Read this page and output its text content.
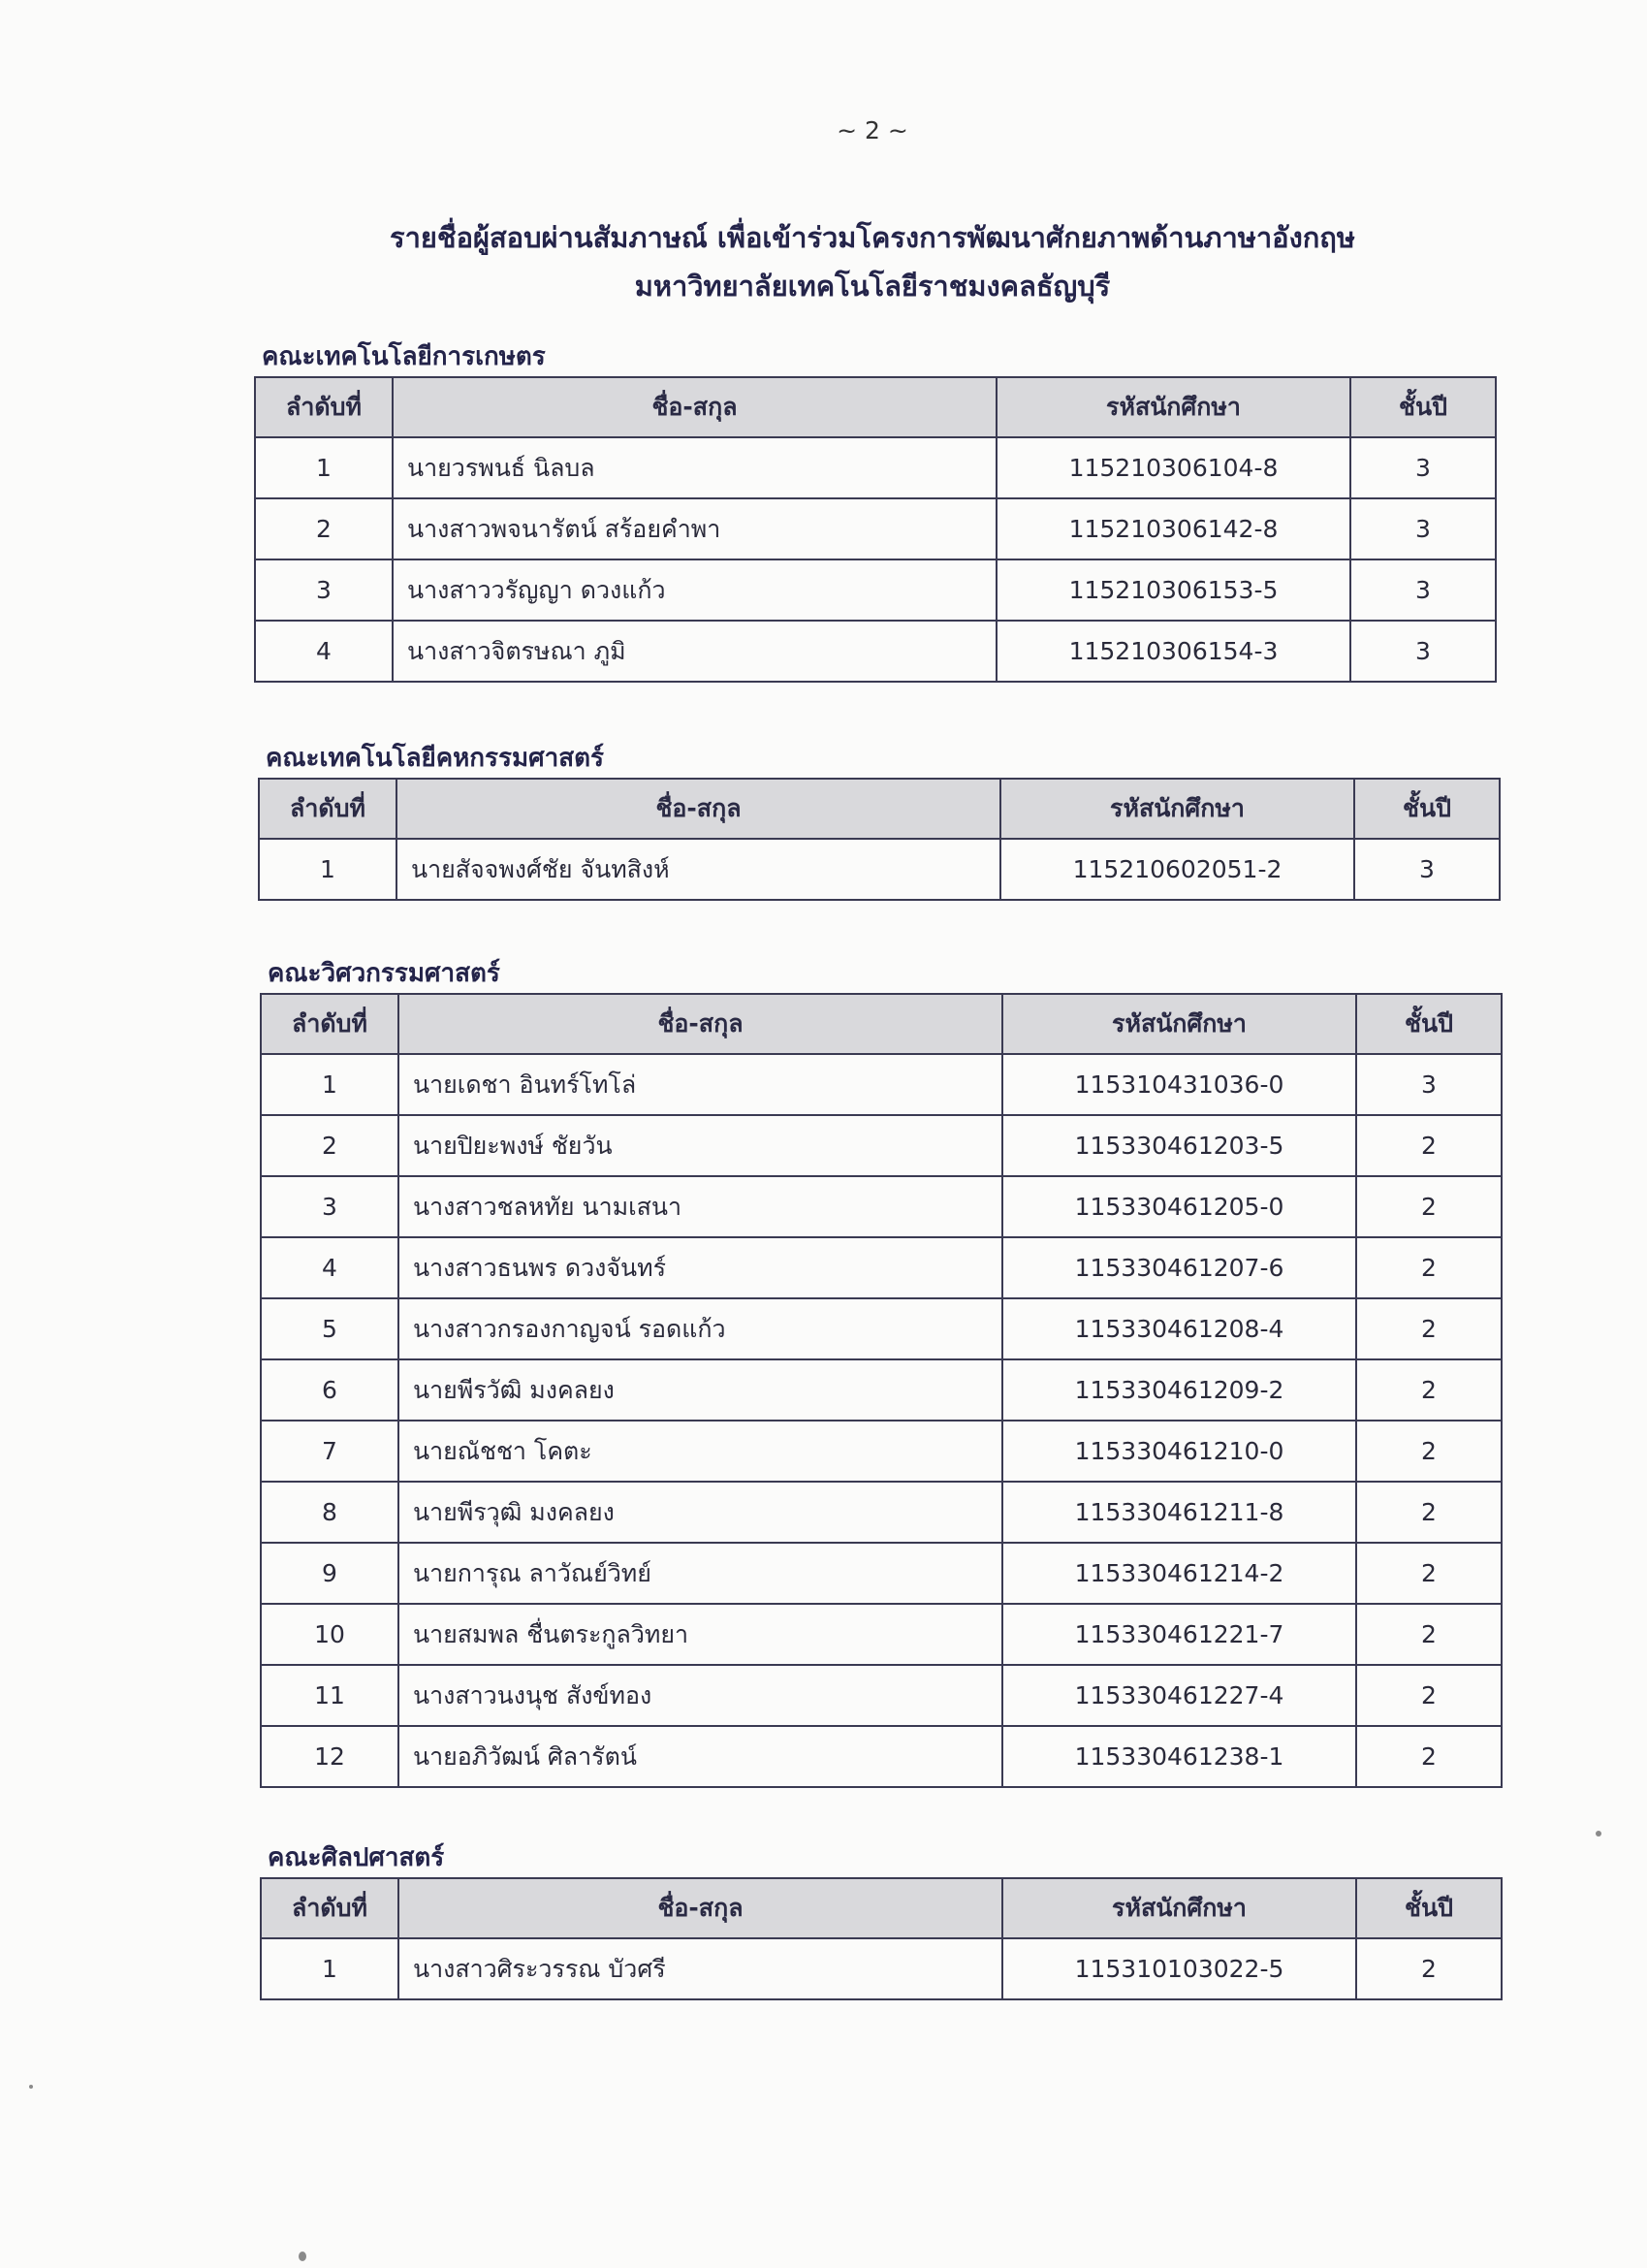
~ 2 ~
รายชื่อผู้สอบผ่านสัมภาษณ์ เพื่อเข้าร่วมโครงการพัฒนาศักยภาพด้านภาษาอังกฤษ
มหาวิทยาลัยเทคโนโลยีราชมงคลธัญบุรี
คณะเทคโนโลยีการเกษตร
ลำดับที่	ชื่อ-สกุล	รหัสนักศึกษา	ชั้นปี
1	นายวรพนธ์ นิลบล	115210306104-8	3
2	นางสาวพจนารัตน์ สร้อยคำพา	115210306142-8	3
3	นางสาววรัญญา ดวงแก้ว	115210306153-5	3
4	นางสาวจิตรษณา ภูมิ	115210306154-3	3
คณะเทคโนโลยีคหกรรมศาสตร์
ลำดับที่	ชื่อ-สกุล	รหัสนักศึกษา	ชั้นปี
1	นายสัจจพงศ์ชัย จันทสิงห์	115210602051-2	3
คณะวิศวกรรมศาสตร์
ลำดับที่	ชื่อ-สกุล	รหัสนักศึกษา	ชั้นปี
1	นายเดชา อินทร์โทโล่	115310431036-0	3
2	นายปิยะพงษ์ ชัยวัน	115330461203-5	2
3	นางสาวชลหทัย นามเสนา	115330461205-0	2
4	นางสาวธนพร ดวงจันทร์	115330461207-6	2
5	นางสาวกรองกาญจน์ รอดแก้ว	115330461208-4	2
6	นายพีรวัฒิ มงคลยง	115330461209-2	2
7	นายณัชชา โคตะ	115330461210-0	2
8	นายพีรวุฒิ มงคลยง	115330461211-8	2
9	นายการุณ ลาวัณย์วิทย์	115330461214-2	2
10	นายสมพล ชื่นตระกูลวิทยา	115330461221-7	2
11	นางสาวนงนุช สังข์ทอง	115330461227-4	2
12	นายอภิวัฒน์ ศิลารัตน์	115330461238-1	2
คณะศิลปศาสตร์
ลำดับที่	ชื่อ-สกุล	รหัสนักศึกษา	ชั้นปี
1	นางสาวศิระวรรณ บัวศรี	115310103022-5	2
